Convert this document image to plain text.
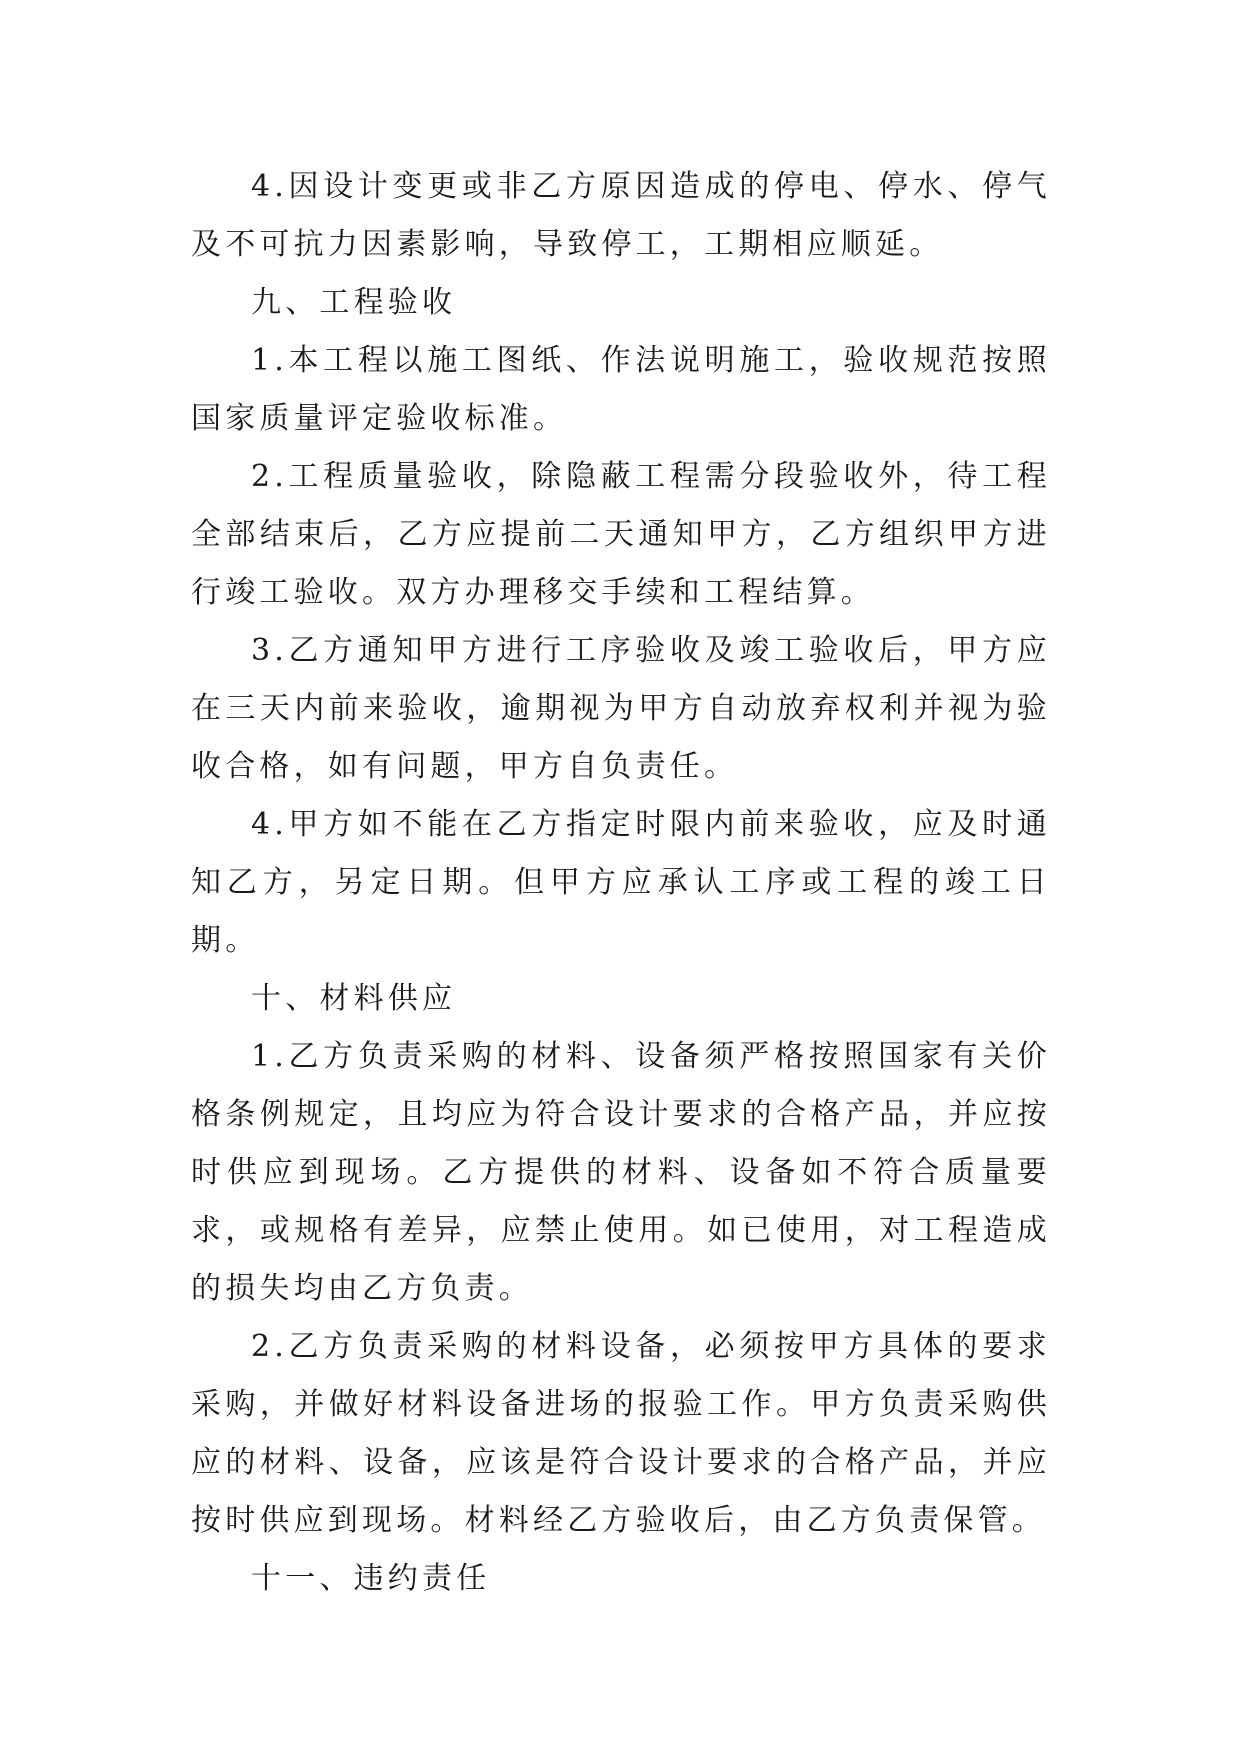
4.因设计变更或非乙方原因造成的停电、停水、停气及不可抗力因素影响，导致停工，工期相应顺延。

九、工程验收

1.本工程以施工图纸、作法说明施工，验收规范按照国家质量评定验收标准。

2.工程质量验收，除隐蔽工程需分段验收外，待工程全部结束后，乙方应提前二天通知甲方，乙方组织甲方进行竣工验收。双方办理移交手续和工程结算。

3.乙方通知甲方进行工序验收及竣工验收后，甲方应在三天内前来验收，逾期视为甲方自动放弃权利并视为验收合格，如有问题，甲方自负责任。

4.甲方如不能在乙方指定时限内前来验收，应及时通知乙方，另定日期。但甲方应承认工序或工程的竣工日期。

十、材料供应

1.乙方负责采购的材料、设备须严格按照国家有关价格条例规定，且均应为符合设计要求的合格产品，并应按时供应到现场。乙方提供的材料、设备如不符合质量要求，或规格有差异，应禁止使用。如已使用，对工程造成的损失均由乙方负责。

2.乙方负责采购的材料设备，必须按甲方具体的要求采购，并做好材料设备进场的报验工作。甲方负责采购供应的材料、设备，应该是符合设计要求的合格产品，并应按时供应到现场。材料经乙方验收后，由乙方负责保管。

十一、违约责任
